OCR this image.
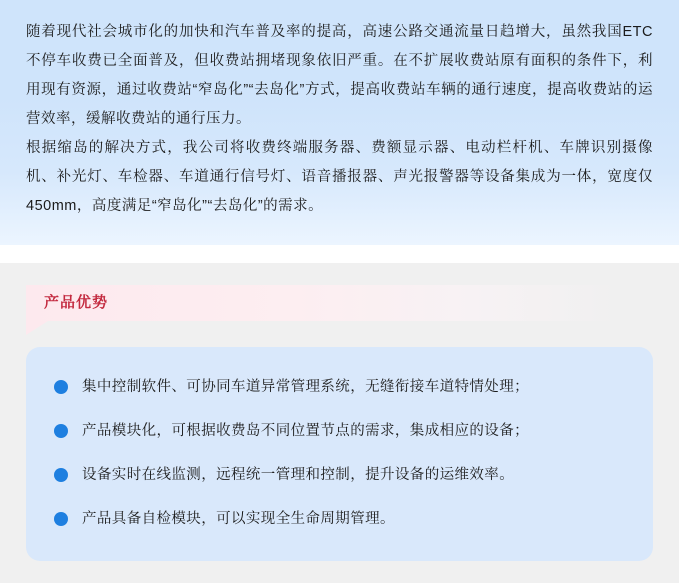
随着现代社会城市化的加快和汽车普及率的提高，高速公路交通流量日趋增大，虽然我国ETC不停车收费已全面普及，但收费站拥堵现象依旧严重。在不扩展收费站原有面积的条件下，利用现有资源，通过收费站“窄岛化”“去岛化”方式，提高收费站车辆的通行速度，提高收费站的运营效率，缓解收费站的通行压力。

根据缩岛的解决方式，我公司将收费终端服务器、费额显示器、电动栏杆机、车牌识别摄像机、补光灯、车检器、车道通行信号灯、语音播报器、声光报警器等设备集成为一体，宽度仅450mm，高度满足“窄岛化”“去岛化”的需求。

产品优势
集中控制软件、可协同车道异常管理系统，无缝衔接车道特情处理；
产品模块化，可根据收费岛不同位置节点的需求，集成相应的设备；
设备实时在线监测，远程统一管理和控制，提升设备的运维效率。
产品具备自检模块，可以实现全生命周期管理。
